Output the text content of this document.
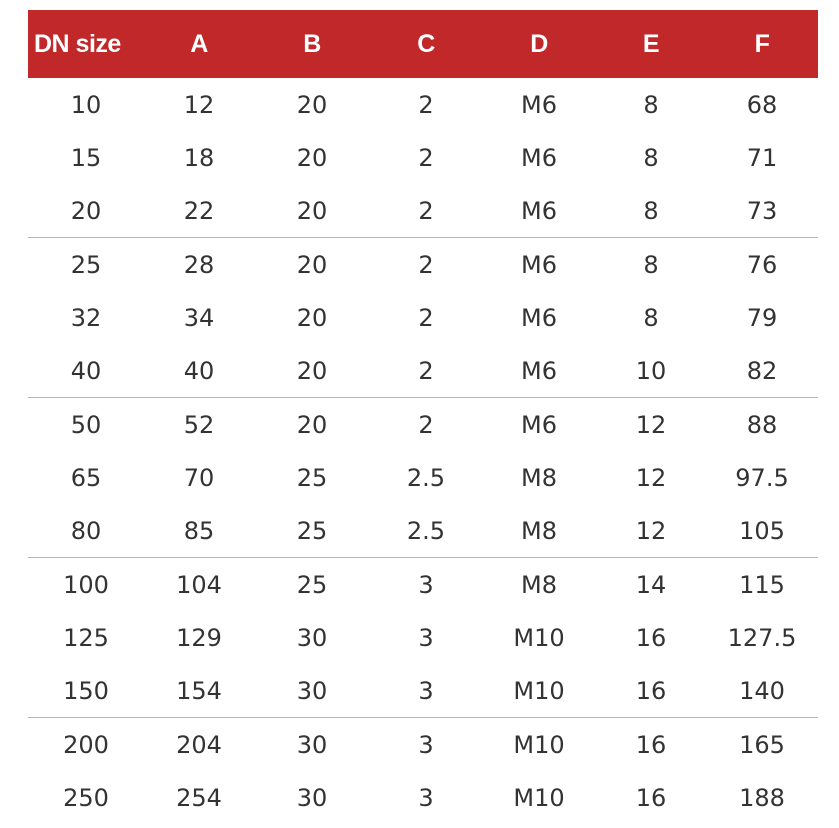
DN size	A	B	C	D	E	F
10	12	20	2	M6	8	68
15	18	20	2	M6	8	71
20	22	20	2	M6	8	73
25	28	20	2	M6	8	76
32	34	20	2	M6	8	79
40	40	20	2	M6	10	82
50	52	20	2	M6	12	88
65	70	25	2.5	M8	12	97.5
80	85	25	2.5	M8	12	105
100	104	25	3	M8	14	115
125	129	30	3	M10	16	127.5
150	154	30	3	M10	16	140
200	204	30	3	M10	16	165
250	254	30	3	M10	16	188
